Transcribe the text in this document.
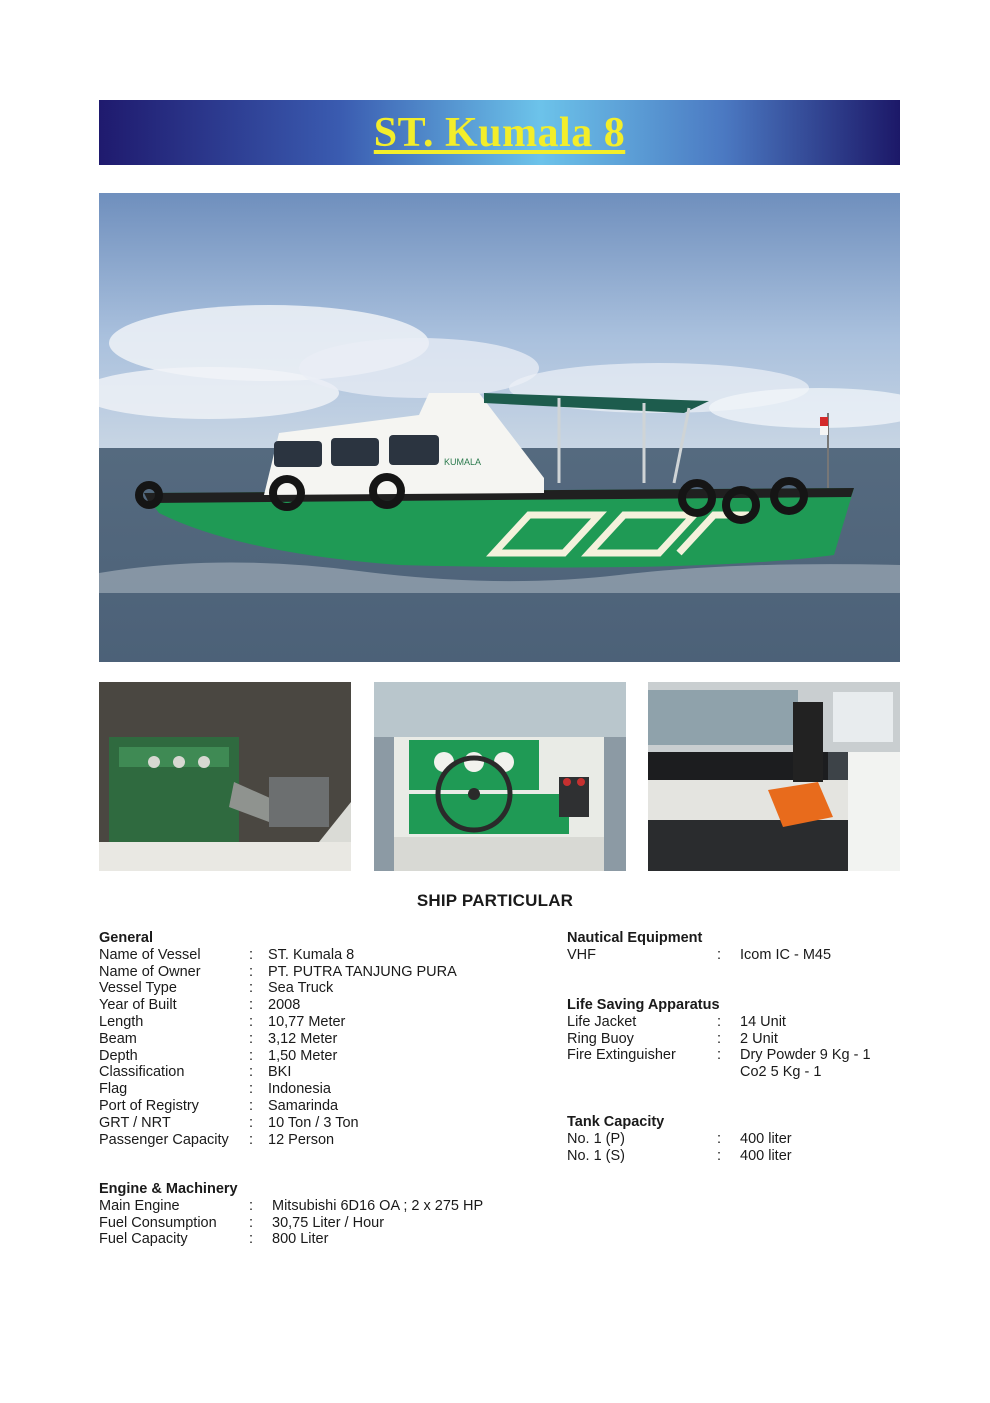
ST. Kumala 8
KUMALA
SHIP PARTICULAR
General
Name of Vessel	: ST. Kumala 8
Name of Owner	: PT. PUTRA TANJUNG PURA
Vessel Type	: Sea Truck
Year of Built	: 2008
Length	: 10,77 Meter
Beam	: 3,12 Meter
Depth	: 1,50 Meter
Classification	: BKI
Flag	: Indonesia
Port of Registry	: Samarinda
GRT / NRT	: 10 Ton / 3 Ton
Passenger Capacity : 12 Person
Engine & Machinery
Main Engine	: Mitsubishi 6D16 OA ; 2 x 275 HP
Fuel Consumption : 30,75 Liter / Hour
Fuel Capacity	: 800 Liter
Nautical Equipment
VHF	: Icom IC - M45
Life Saving Apparatus
Life Jacket	: 14 Unit
Ring Buoy	: 2 Unit
Fire Extinguisher	: Dry Powder 9 Kg - 1
Co2 5 Kg - 1
Tank Capacity
No. 1 (P)	: 400 liter
No. 1 (S)	: 400 liter
